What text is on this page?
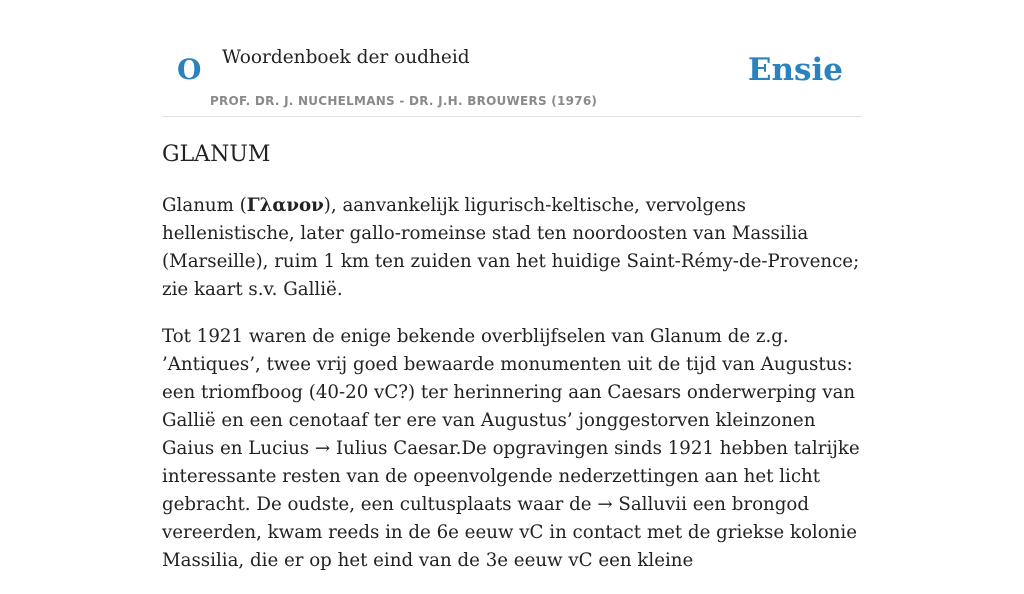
O Woordenboek der oudheid
PROF. DR. J. NUCHELMANS - DR. J.H. BROUWERS (1976)
Ensie
GLANUM

Glanum (Γλανον), aanvankelijk ligurisch-keltische, vervolgens hellenistische, later gallo-romeinse stad ten noordoosten van Massilia (Marseille), ruim 1 km ten zuiden van het huidige Saint-Rémy-de-Provence; zie kaart s.v. Gallië.

Tot 1921 waren de enige bekende overblijfselen van Glanum de z.g. ’Antiques’, twee vrij goed bewaarde monumenten uit de tijd van Augustus: een triomfboog (40-20 vC?) ter herinnering aan Caesars onderwerping van Gallië en een cenotaaf ter ere van Augustus’ jonggestorven kleinzonen Gaius en Lucius → Iulius Caesar.De opgravingen sinds 1921 hebben talrijke interessante resten van de opeenvolgende nederzettingen aan het licht gebracht. De oudste, een cultusplaats waar de → Salluvii een brongod vereerden, kwam reeds in de 6e eeuw vC in contact met de griekse kolonie Massilia, die er op het eind van de 3e eeuw vC een kleine
